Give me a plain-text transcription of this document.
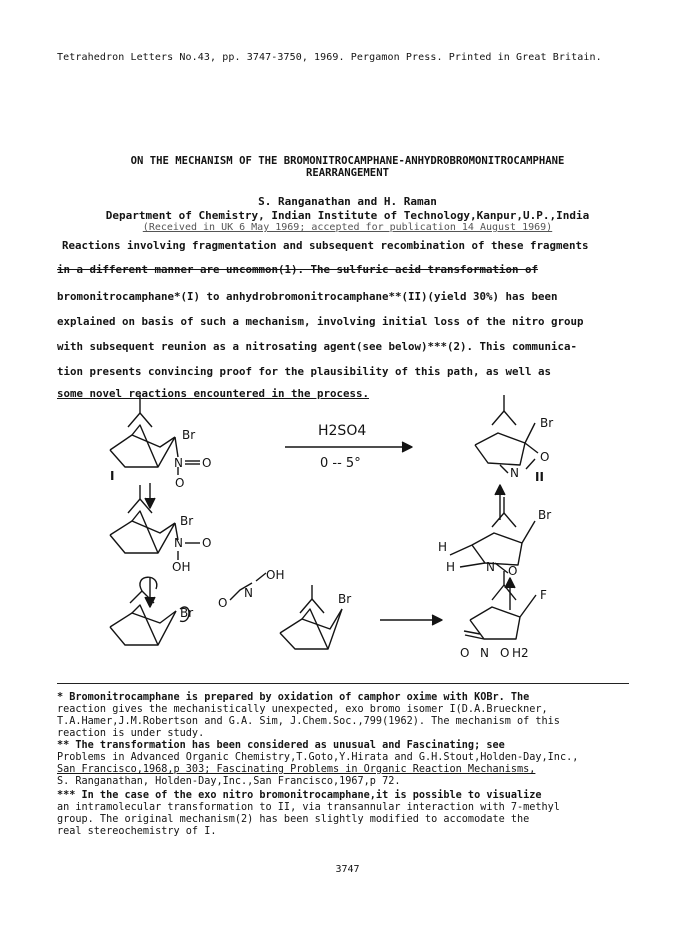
Tetrahedron Letters No.43, pp. 3747-3750, 1969. Pergamon Press. Printed in Great Britain.
ON THE MECHANISM OF THE BROMONITROCAMPHANE-ANHYDROBROMONITROCAMPHANE
REARRANGEMENT
S. Ranganathan and H. Raman
Department of Chemistry, Indian Institute of Technology,Kanpur,U.P.,India
(Received in UK 6 May 1969; accepted for publication 14 August 1969)
Reactions involving fragmentation and subsequent recombination of these fragments
in a different manner are uncommon(1). The sulfuric acid transformation of
bromonitrocamphane*(I) to anhydrobromonitrocamphane**(II)(yield 30%) has been
explained on basis of such a mechanism, involving initial loss of the nitro group
with subsequent reunion as a nitrosating agent(see below)***(2). This communica-
tion presents convincing proof for the plausibility of this path, as well as
some novel reactions encountered in the process.
Br
N O
O
I
H2SO4
0 -- 5°
Br
O
N II
Br
N O
OH
Br
O
N
OH
Br
Br
H
H	N O
F
O N O H2
* Bromonitrocamphane is prepared by oxidation of camphor oxime with KOBr. The
reaction gives the mechanistically unexpected, exo bromo isomer I(D.A.Brueckner,
T.A.Hamer,J.M.Robertson and G.A. Sim, J.Chem.Soc.,799(1962). The mechanism of this
reaction is under study.
** The transformation has been considered as unusual and Fascinating; see
Problems in Advanced Organic Chemistry,T.Goto,Y.Hirata and G.H.Stout,Holden-Day,Inc.,
San Francisco,1968,p 303; Fascinating Problems in Organic Reaction Mechanisms,
S. Ranganathan, Holden-Day,Inc.,San Francisco,1967,p 72.
*** In the case of the exo nitro bromonitrocamphane,it is possible to visualize
an intramolecular transformation to II, via transannular interaction with 7-methyl
group. The original mechanism(2) has been slightly modified to accomodate the
real stereochemistry of I.
3747
